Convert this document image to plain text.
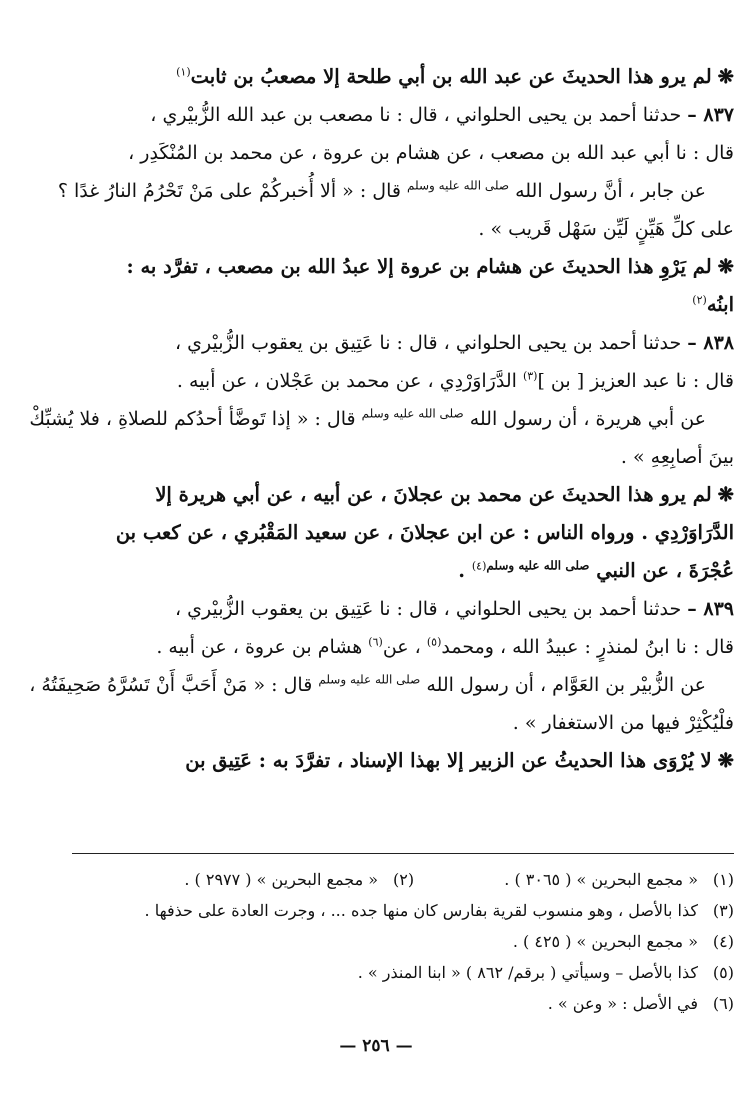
❋لم يرو هذا الحديثَ عن عبد الله بن أبي طلحة إلا مصعبُ بن ثابت$^{(١)}$
٨٣٧ –حدثنا أحمد بن يحيى الحلواني ، قال : نا مصعب بن عبد الله الزُّبيْري ،
قال : نا أبي عبد الله بن مصعب ، عن هشام بن عروة ، عن محمد بن المُنْكَدِر ،
عن جابر ، أنَّ رسول الله $^{صلى الله عليه وسلم}$ قال : « ألا أُخبركُمْ على مَنْ تَحْرُمُ النارُ غدًا ؟
على كلِّ هَيِّنٍ لَيِّن سَهْل قَريب » .
❋لم يَرْوِ هذا الحديثَ عن هشام بن عروة إلا عبدُ الله بن مصعب ، تفرَّد به :
ابنُه$^{(٢)}$
٨٣٨ –حدثنا أحمد بن يحيى الحلواني ، قال : نا عَتِيق بن يعقوب الزُّبيْري ،
قال : نا عبد العزيز [ بن ]$^{(٣)}$ الدَّرَاوَرْدِي ، عن محمد بن عَجْلان ، عن أبيه .
عن أبي هريرة ، أن رسول الله $^{صلى الله عليه وسلم}$ قال : « إذا تَوضَّأ أحدُكم للصلاةِ ، فلا يُشبِّكْ
بينَ أصابِعِهِ » .
❋لم يرو هذا الحديثَ عن محمد بن عجلانَ ، عن أبيه ، عن أبي هريرة إلا
الدَّرَاوَرْدِي . ورواه الناس : عن ابن عجلانَ ، عن سعيد المَقْبُري ، عن كعب بن
عُجْرَةَ ، عن النبي $^{صلى الله عليه وسلم(٤)}$ .
٨٣٩ –حدثنا أحمد بن يحيى الحلواني ، قال : نا عَتِيق بن يعقوب الزُّبيْري ،
قال : نا ابنُ لمنذرٍ : عبيدُ الله ، ومحمد$^{(٥)}$ ، عن$^{(٦)}$ هشام بن عروة ، عن أبيه .
عن الزُّبيْر بن العَوَّام ، أن رسول الله $^{صلى الله عليه وسلم}$ قال : « مَنْ أَحَبَّ أَنْ تَسُرَّهُ صَحِيفَتُهُ ،
فلْيُكْثِرْ فيها من الاستغفار » .
❋لا يُرْوَى هذا الحديثُ عن الزبير إلا بهذا الإسناد ، تفرَّدَ به : عَتِيق بن
(١)« مجمع البحرين » ( ٣٠٦٥ ) .  (٢)« مجمع البحرين » ( ٢٩٧٧ ) .
(٣)كذا بالأصل ، وهو منسوب لقرية بفارس كان منها جده ... ، وجرت العادة على حذفها .
(٤)« مجمع البحرين » ( ٤٢٥ ) .
(٥)كذا بالأصل – وسيأتي ( برقم/ ٨٦٢ ) « ابنا المنذر » .
(٦)في الأصل : « وعن » .
— ٢٥٦ —
